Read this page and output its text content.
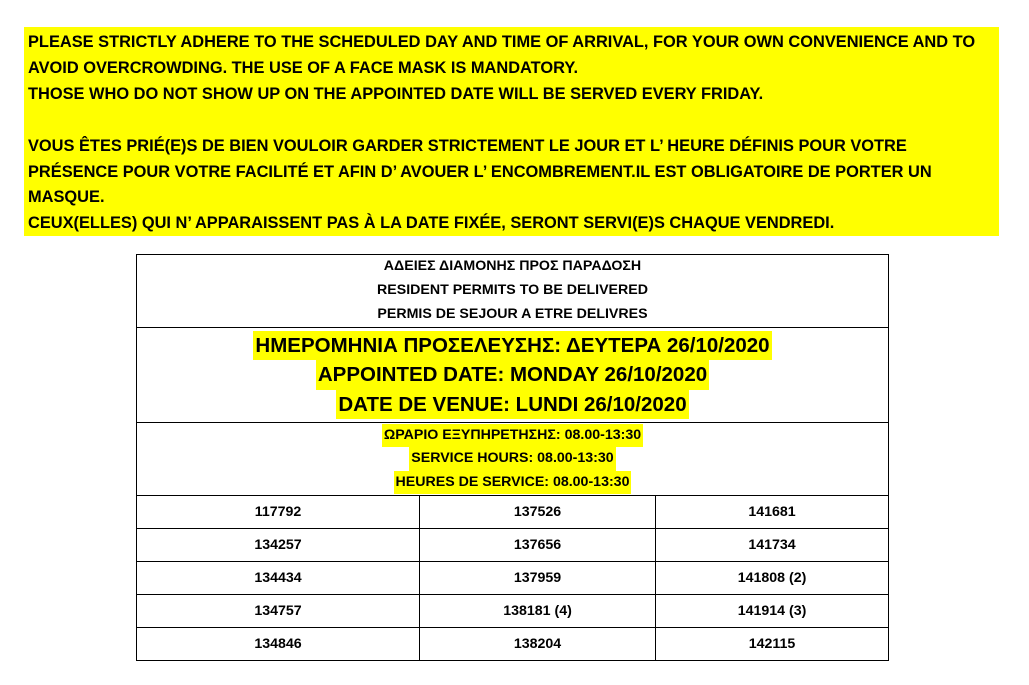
PLEASE STRICTLY ADHERE TO THE SCHEDULED DAY AND TIME OF ARRIVAL, FOR YOUR OWN CONVENIENCE AND TO AVOID OVERCROWDING. THE USE OF A FACE MASK IS MANDATORY.

THOSE WHO DO NOT SHOW UP ON THE APPOINTED DATE WILL BE SERVED EVERY FRIDAY.

VOUS ÊTES PRIÉ(E)S DE BIEN VOULOIR GARDER STRICTEMENT LE JOUR ET L’ HEURE DÉFINIS POUR VOTRE PRÉSENCE POUR VOTRE FACILITÉ ET AFIN D’ AVOUER L’ ENCOMBREMENT.IL EST OBLIGATOIRE DE PORTER UN MASQUE.

CEUX(ELLES) QUI N’ APPARAISSENT PAS À LA DATE FIXÉE, SERONT SERVI(E)S CHAQUE VENDREDI.

ΑΔΕΙΕΣ ΔΙΑΜΟΝΗΣ ΠΡΟΣ ΠΑΡΑΔΟΣΗ
RESIDENT PERMITS TO BE DELIVERED
PERMIS DE SEJOUR A ETRE DELIVRES		

ΗΜΕΡΟΜΗΝΙΑ ΠΡΟΣΕΛΕΥΣΗΣ: ΔΕΥΤΕΡΑ 26/10/2020
APPOINTED DATE: MONDAY 26/10/2020
DATE DE VENUE: LUNDI 26/10/2020		

ΩΡΑΡΙΟ ΕΞΥΠΗΡΕΤΗΣΗΣ: 08.00-13:30
SERVICE HOURS: 08.00-13:30
HEURES DE SERVICE: 08.00-13:30		

117792	137526	141681
134257	137656	141734
134434	137959	141808 (2)
134757	138181 (4)	141914 (3)
134846	138204	142115
